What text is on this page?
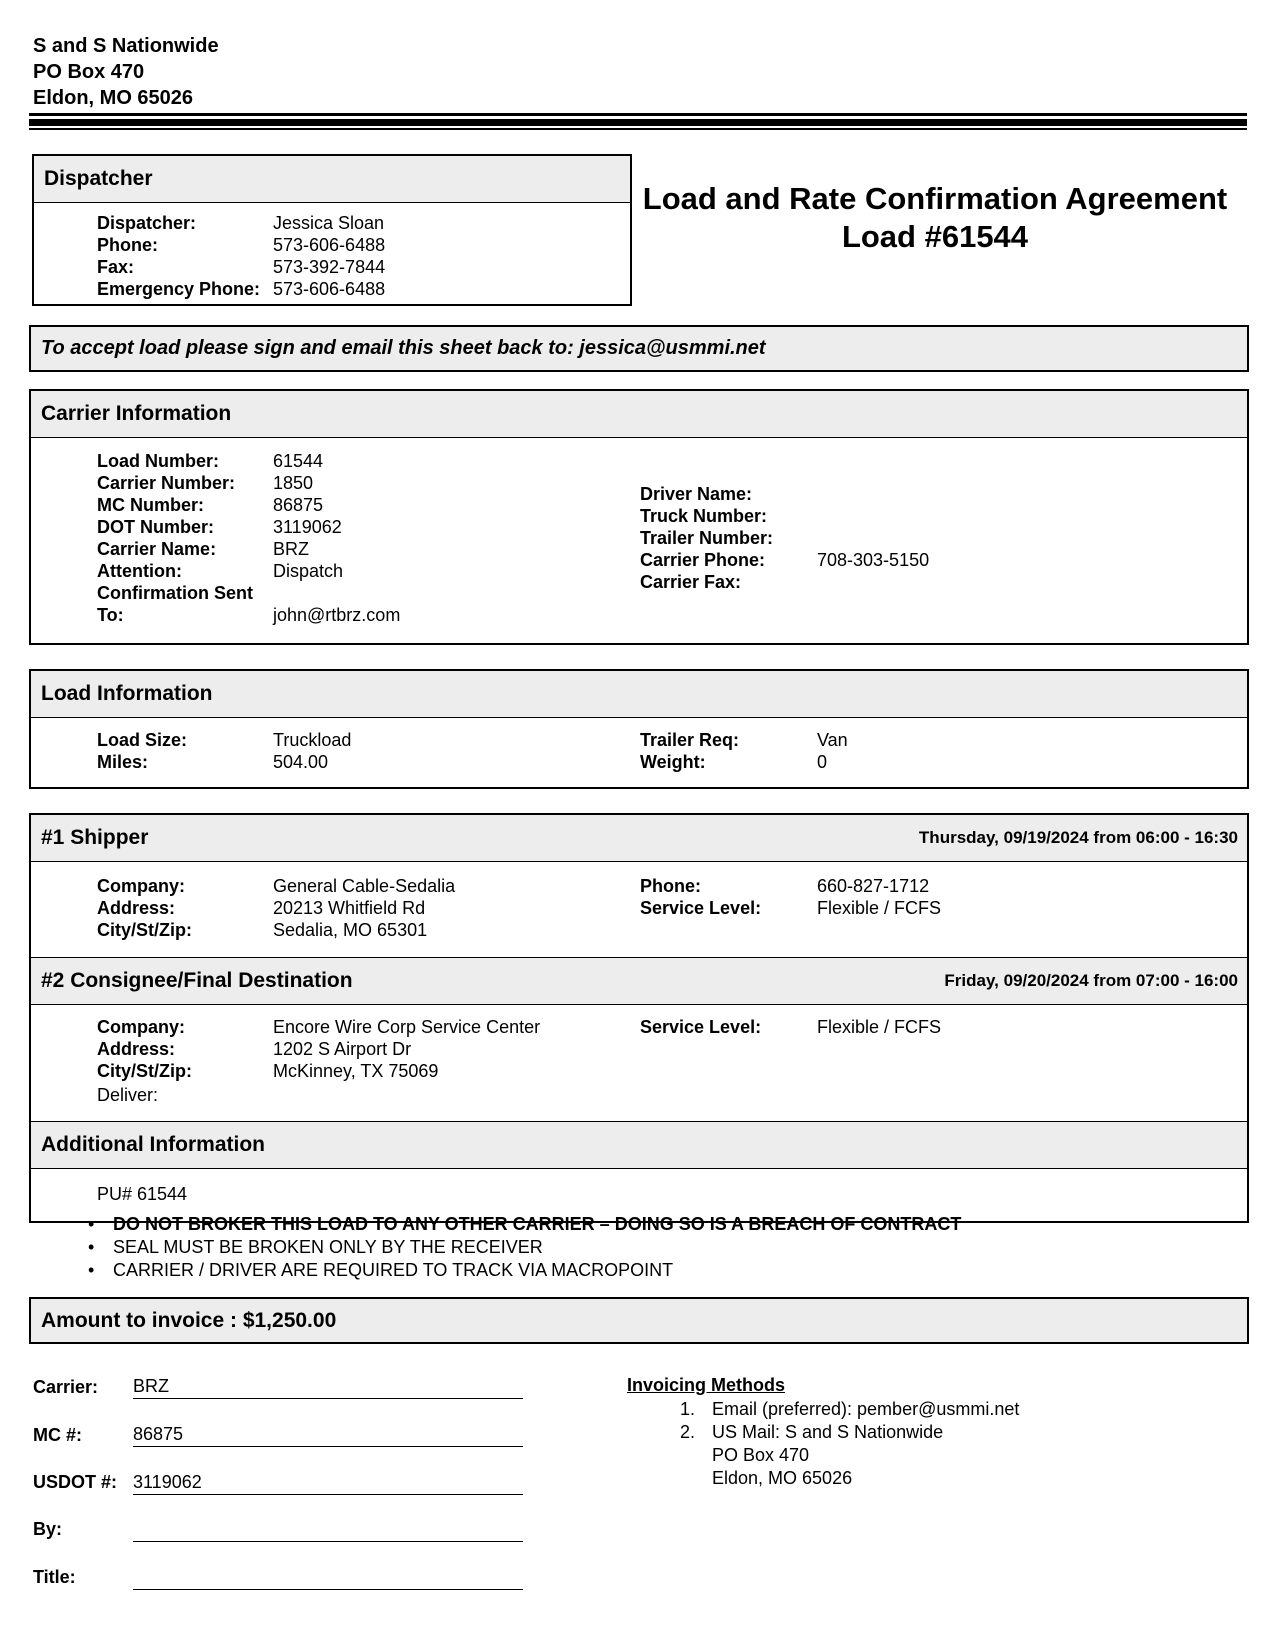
S and S Nationwide
PO Box 470
Eldon, MO 65026
Dispatcher
Dispatcher:	Jessica Sloan
Phone:	573-606-6488
Fax:	573-392-7844
Emergency Phone: 573-606-6488
Load and Rate Confirmation Agreement
Load #61544
To accept load please sign and email this sheet back to: jessica@usmmi.net
Carrier Information
Load Number:	61544
Carrier Number:	1850
MC Number:	86875
DOT Number:	3119062
Carrier Name:	BRZ
Attention:	Dispatch
Confirmation Sent
To:	john@rtbrz.com
Driver Name:
Truck Number:
Trailer Number:
Carrier Phone:	708-303-5150
Carrier Fax:
Load Information
Load Size:	Truckload
Miles:	504.00
Trailer Req:	Van
Weight:	0
#1 Shipper	Thursday, 09/19/2024 from 06:00 - 16:30
Company:	General Cable-Sedalia
Address:	20213 Whitfield Rd
City/St/Zip:	Sedalia, MO 65301
Phone:	660-827-1712
Service Level:	Flexible / FCFS
#2 Consignee/Final Destination	Friday, 09/20/2024 from 07:00 - 16:00
Company:	Encore Wire Corp Service Center
Address:	1202 S Airport Dr
City/St/Zip:	McKinney, TX 75069
Deliver:
Service Level:	Flexible / FCFS
Additional Information
PU# 61544
•	DO NOT BROKER THIS LOAD TO ANY OTHER CARRIER – DOING SO IS A BREACH OF CONTRACT
•	SEAL MUST BE BROKEN ONLY BY THE RECEIVER
•	CARRIER / DRIVER ARE REQUIRED TO TRACK VIA MACROPOINT
Amount to invoice : $1,250.00
Carrier: BRZ
MC #:	86875
USDOT #: 3119062
By:
Title:
Invoicing Methods
1. Email (preferred): pember@usmmi.net
2. US Mail: S and S Nationwide
PO Box 470
Eldon, MO 65026
